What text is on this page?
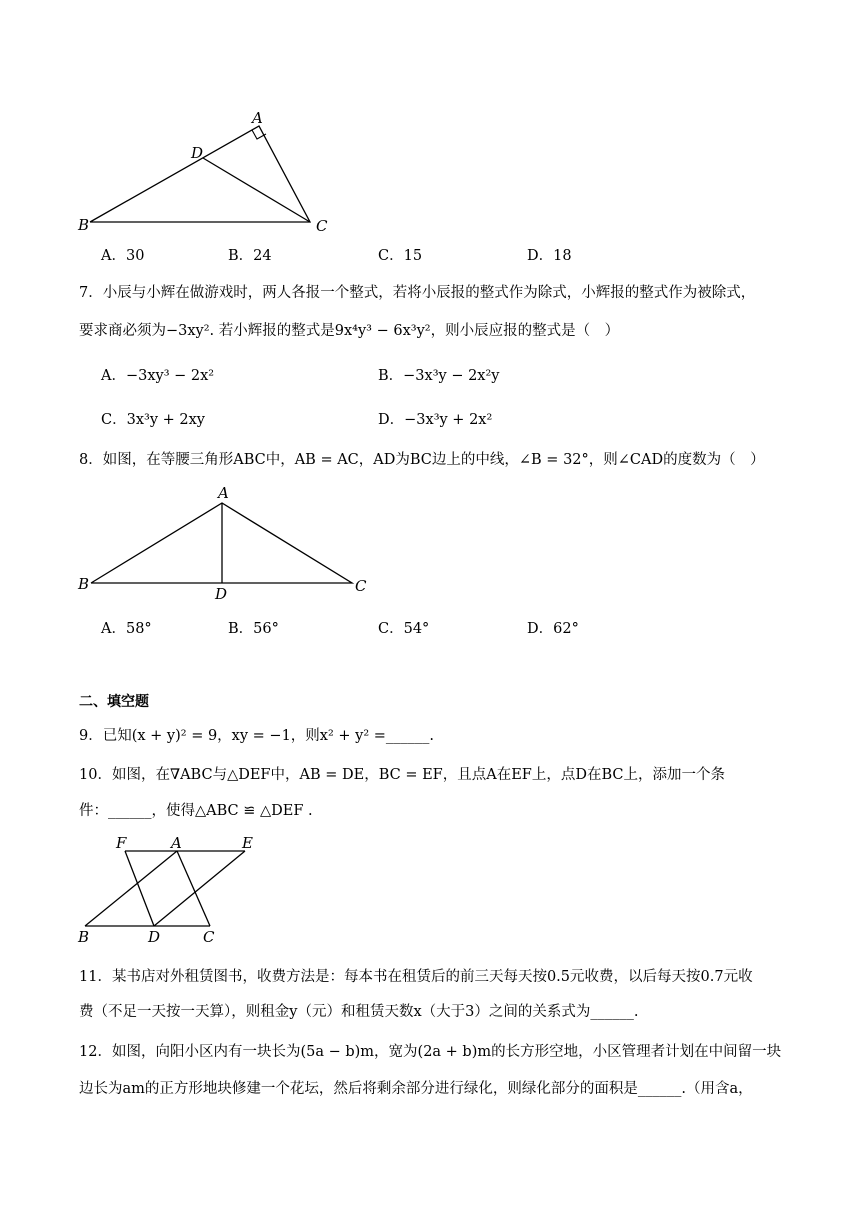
A
D
B	C
A．30	B．24	C．15	D．18
7．小辰与小辉在做游戏时，两人各报一个整式，若将小辰报的整式作为除式，小辉报的整式作为被除式，
要求商必须为−3xy². 若小辉报的整式是9x⁴y³ − 6x³y²，则小辰应报的整式是（　）
A．−3xy³ − 2x²	B．−3x³y − 2x²y
C．3x³y + 2xy	D．−3x³y + 2x²
8．如图，在等腰三角形ABC中，AB = AC，AD为BC边上的中线，∠B = 32°，则∠CAD的度数为（　）
A
B	C
D
A．58°	B．56°	C．54°	D．62°
二、填空题
9．已知(x + y)² = 9，xy = −1，则x² + y² =______.
10．如图，在∇ABC与△DEF中，AB = DE，BC = EF，且点A在EF上，点D在BC上，添加一个条
件：______，使得△ABC ≌ △DEF .
F	A	E
B	D	C
11．某书店对外租赁图书，收费方法是：每本书在租赁后的前三天每天按0.5元收费，以后每天按0.7元收
费（不足一天按一天算），则租金y（元）和租赁天数x（大于3）之间的关系式为______.
12．如图，向阳小区内有一块长为(5a − b)m，宽为(2a + b)m的长方形空地，小区管理者计划在中间留一块
边长为am的正方形地块修建一个花坛，然后将剩余部分进行绿化，则绿化部分的面积是______.（用含a，
